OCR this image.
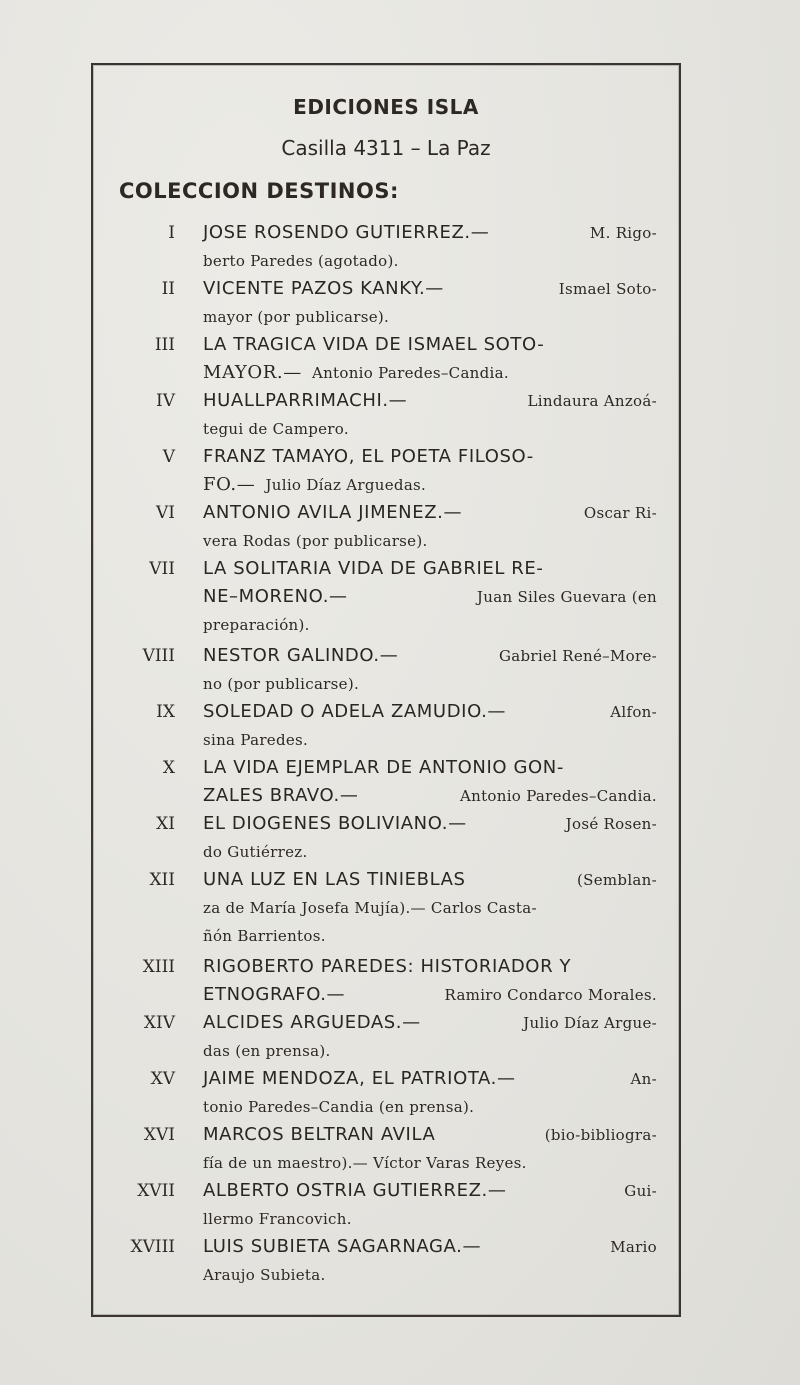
EDICIONES ISLA
Casilla 4311 – La Paz
COLECCION DESTINOS:
I JOSE ROSENDO GUTIERREZ.—	M. Rigo-
berto Paredes (agotado).
II VICENTE PAZOS KANKY.—	Ismael Soto-
mayor (por publicarse).
III LA TRAGICA VIDA DE ISMAEL SOTO-
MAYOR.— Antonio Paredes–Candia.
IV HUALLPARRIMACHI.—	Lindaura Anzoá-
tegui de Campero.
V FRANZ TAMAYO, EL POETA FILOSO-
FO.— Julio Díaz Arguedas.
VI ANTONIO AVILA JIMENEZ.—	Oscar Ri-
vera Rodas (por publicarse).
VII LA SOLITARIA VIDA DE GABRIEL RE-
NE–MORENO.—	Juan Siles Guevara (en
preparación).
VIII NESTOR GALINDO.—	Gabriel René–More-
no (por publicarse).
IX SOLEDAD O ADELA ZAMUDIO.—	Alfon-
sina Paredes.
X LA VIDA EJEMPLAR DE ANTONIO GON-
ZALES BRAVO.—	Antonio Paredes–Candia.
XI EL DIOGENES BOLIVIANO.—	José Rosen-
do Gutiérrez.
XII UNA LUZ EN LAS TINIEBLAS	(Semblan-
za de María Josefa Mujía).— Carlos Casta-
ñón Barrientos.
XIII RIGOBERTO PAREDES: HISTORIADOR Y
ETNOGRAFO.—	Ramiro Condarco Morales.
XIV ALCIDES ARGUEDAS.—	Julio Díaz Argue-
das (en prensa).
XV JAIME MENDOZA, EL PATRIOTA.—	An-
tonio Paredes–Candia (en prensa).
XVI MARCOS BELTRAN AVILA	(bio-bibliogra-
fía de un maestro).— Víctor Varas Reyes.
XVII ALBERTO OSTRIA GUTIERREZ.—	Gui-
llermo Francovich.
XVIII LUIS SUBIETA SAGARNAGA.—	Mario
Araujo Subieta.
